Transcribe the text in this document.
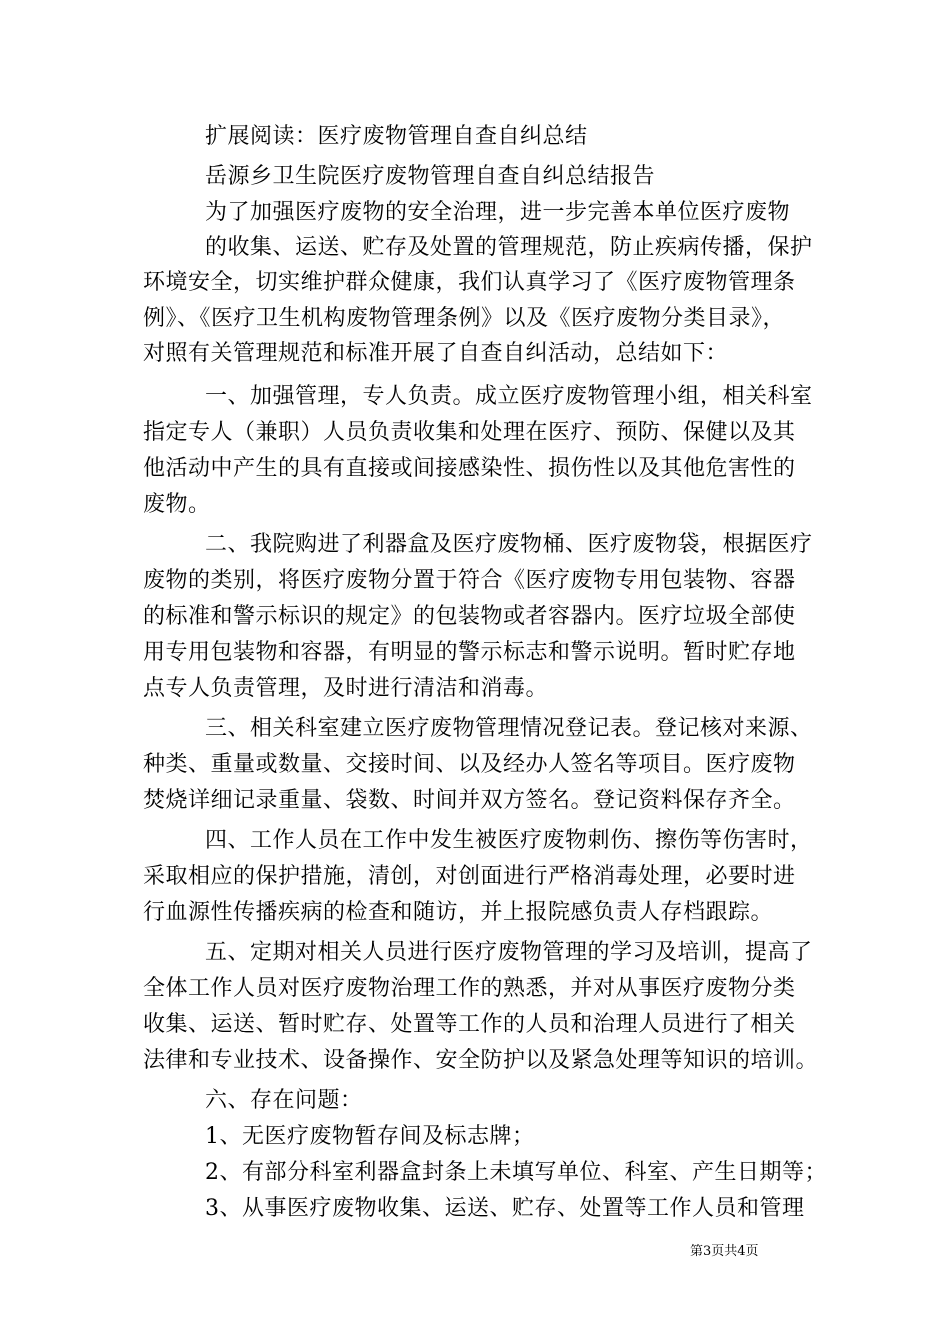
扩展阅读：医疗废物管理自查自纠总结
岳源乡卫生院医疗废物管理自查自纠总结报告
为了加强医疗废物的安全治理，进一步完善本单位医疗废物
的收集、运送、贮存及处置的管理规范，防止疾病传播，保护
环境安全，切实维护群众健康，我们认真学习了《医疗废物管理条
例》、《医疗卫生机构废物管理条例》以及《医疗废物分类目录》，
对照有关管理规范和标准开展了自查自纠活动，总结如下：
一、加强管理，专人负责。成立医疗废物管理小组，相关科室
指定专人（兼职）人员负责收集和处理在医疗、预防、保健以及其
他活动中产生的具有直接或间接感染性、损伤性以及其他危害性的
废物。
二、我院购进了利器盒及医疗废物桶、医疗废物袋，根据医疗
废物的类别，将医疗废物分置于符合《医疗废物专用包装物、容器
的标准和警示标识的规定》的包装物或者容器内。医疗垃圾全部使
用专用包装物和容器，有明显的警示标志和警示说明。暂时贮存地
点专人负责管理，及时进行清洁和消毒。
三、相关科室建立医疗废物管理情况登记表。登记核对来源、
种类、重量或数量、交接时间、以及经办人签名等项目。医疗废物
焚烧详细记录重量、袋数、时间并双方签名。登记资料保存齐全。
四、工作人员在工作中发生被医疗废物刺伤、擦伤等伤害时，
采取相应的保护措施，清创，对创面进行严格消毒处理，必要时进
行血源性传播疾病的检查和随访，并上报院感负责人存档跟踪。
五、定期对相关人员进行医疗废物管理的学习及培训，提高了
全体工作人员对医疗废物治理工作的熟悉，并对从事医疗废物分类
收集、运送、暂时贮存、处置等工作的人员和治理人员进行了相关
法律和专业技术、设备操作、安全防护以及紧急处理等知识的培训。
六、存在问题：
1、无医疗废物暂存间及标志牌；
2、有部分科室利器盒封条上未填写单位、科室、产生日期等；
3、从事医疗废物收集、运送、贮存、处置等工作人员和管理
第3页共4页
